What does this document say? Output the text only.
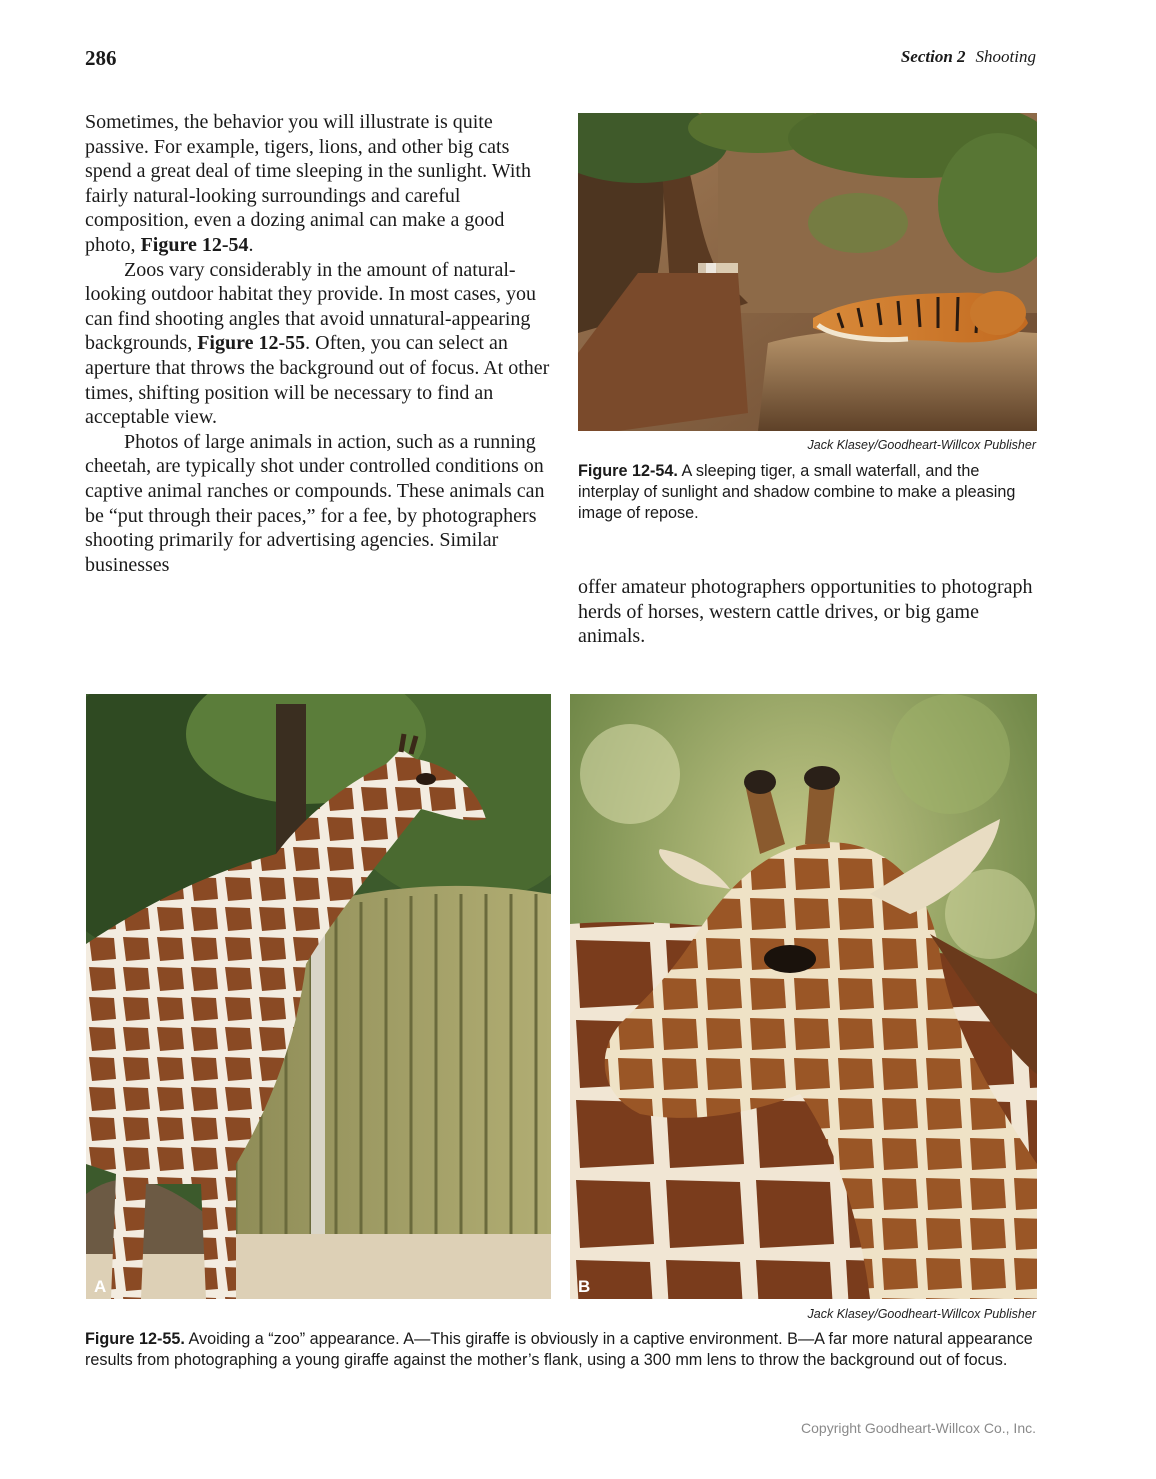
286	Section 2 Shooting

Sometimes, the behavior you will illustrate is quite passive. For example, tigers, lions, and other big cats spend a great deal of time sleeping in the sunlight. With fairly natural-looking surroundings and careful composition, even a dozing animal can make a good photo, Figure 12-54.

Zoos vary considerably in the amount of natural-looking outdoor habitat they provide. In most cases, you can find shooting angles that avoid unnatural-appearing backgrounds, Figure 12-55. Often, you can select an aperture that throws the background out of focus. At other times, shifting position will be necessary to find an acceptable view.

Photos of large animals in action, such as a running cheetah, are typically shot under controlled conditions on captive animal ranches or compounds. These animals can be “put through their paces,” for a fee, by photographers shooting primarily for advertising agencies. Similar businesses

offer amateur photographers opportunities to photograph herds of horses, western cattle drives, or big game animals.

Jack Klasey/Goodheart-Willcox Publisher
Figure 12-54. A sleeping tiger, a small waterfall, and the interplay of sunlight and shadow combine to make a pleasing image of repose.
A	B
Jack Klasey/Goodheart-Willcox Publisher
Figure 12-55. Avoiding a “zoo” appearance. A—This giraffe is obviously in a captive environment. B—A far more natural appearance results from photographing a young giraffe against the mother’s flank, using a 300 mm lens to throw the background out of focus.
Copyright Goodheart-Willcox Co., Inc.
